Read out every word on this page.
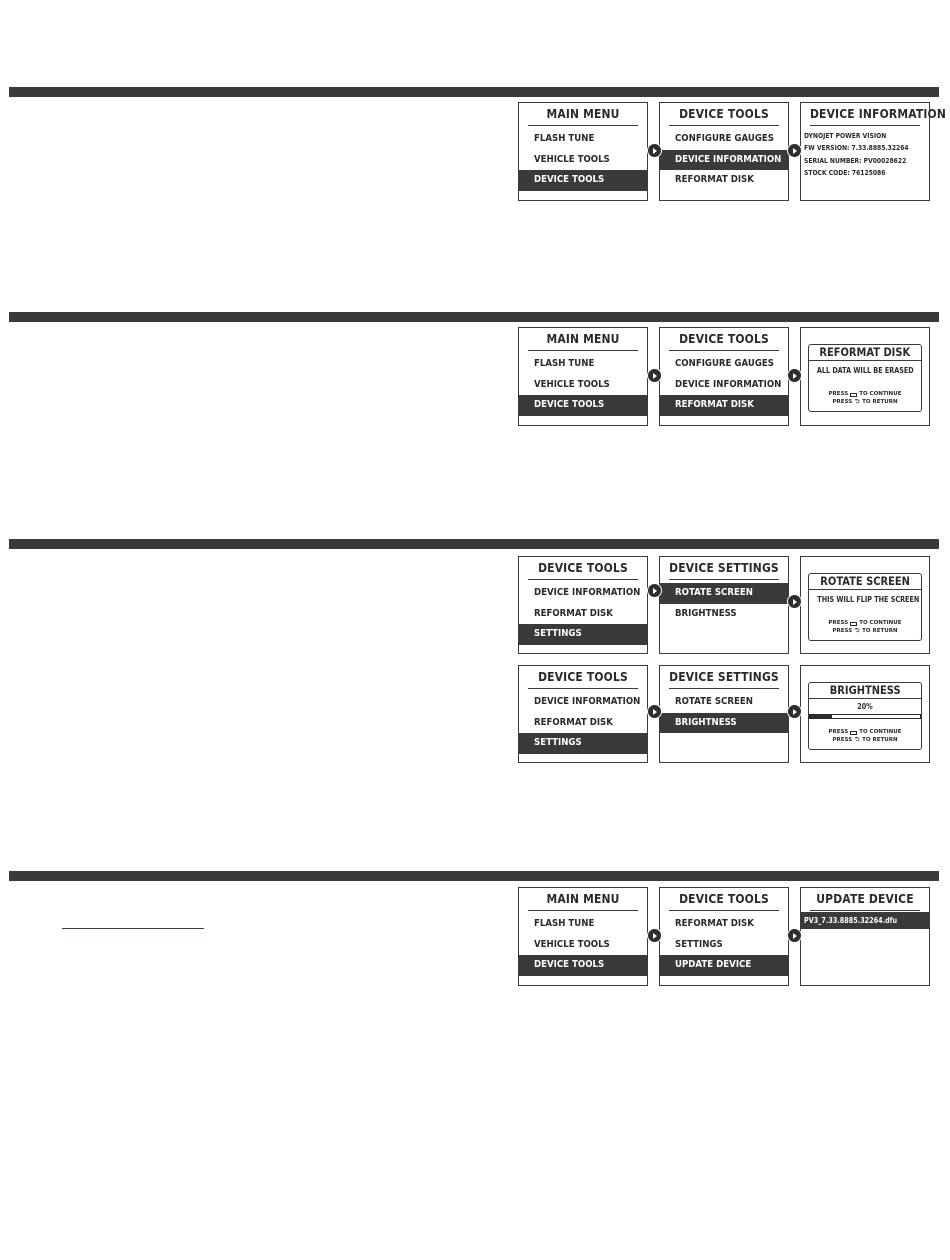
MAIN MENU
FLASH TUNE
VEHICLE TOOLS
DEVICE TOOLS
DEVICE TOOLS
CONFIGURE GAUGES
DEVICE INFORMATION
REFORMAT DISK
DEVICE INFORMATION
DYNOJET POWER VISION
FW VERSION: 7.33.8885.32264
SERIAL NUMBER: PV00028622
STOCK CODE: 76125086
MAIN MENU
FLASH TUNE
VEHICLE TOOLS
DEVICE TOOLS
DEVICE TOOLS
CONFIGURE GAUGES
DEVICE INFORMATION
REFORMAT DISK
REFORMAT DISK
ALL DATA WILL BE ERASED
PRESS TO CONTINUE
PRESS ⮌ TO RETURN
DEVICE TOOLS
DEVICE INFORMATION
REFORMAT DISK
SETTINGS
DEVICE SETTINGS
ROTATE SCREEN
BRIGHTNESS
ROTATE SCREEN
THIS WILL FLIP THE SCREEN
PRESS TO CONTINUE
PRESS ⮌ TO RETURN
DEVICE TOOLS
DEVICE INFORMATION
REFORMAT DISK
SETTINGS
DEVICE SETTINGS
ROTATE SCREEN
BRIGHTNESS
BRIGHTNESS
20%
PRESS TO CONTINUE
PRESS ⮌ TO RETURN
MAIN MENU
FLASH TUNE
VEHICLE TOOLS
DEVICE TOOLS
DEVICE TOOLS
REFORMAT DISK
SETTINGS
UPDATE DEVICE
UPDATE DEVICE
PV3_7.33.8885.32264.dfu
